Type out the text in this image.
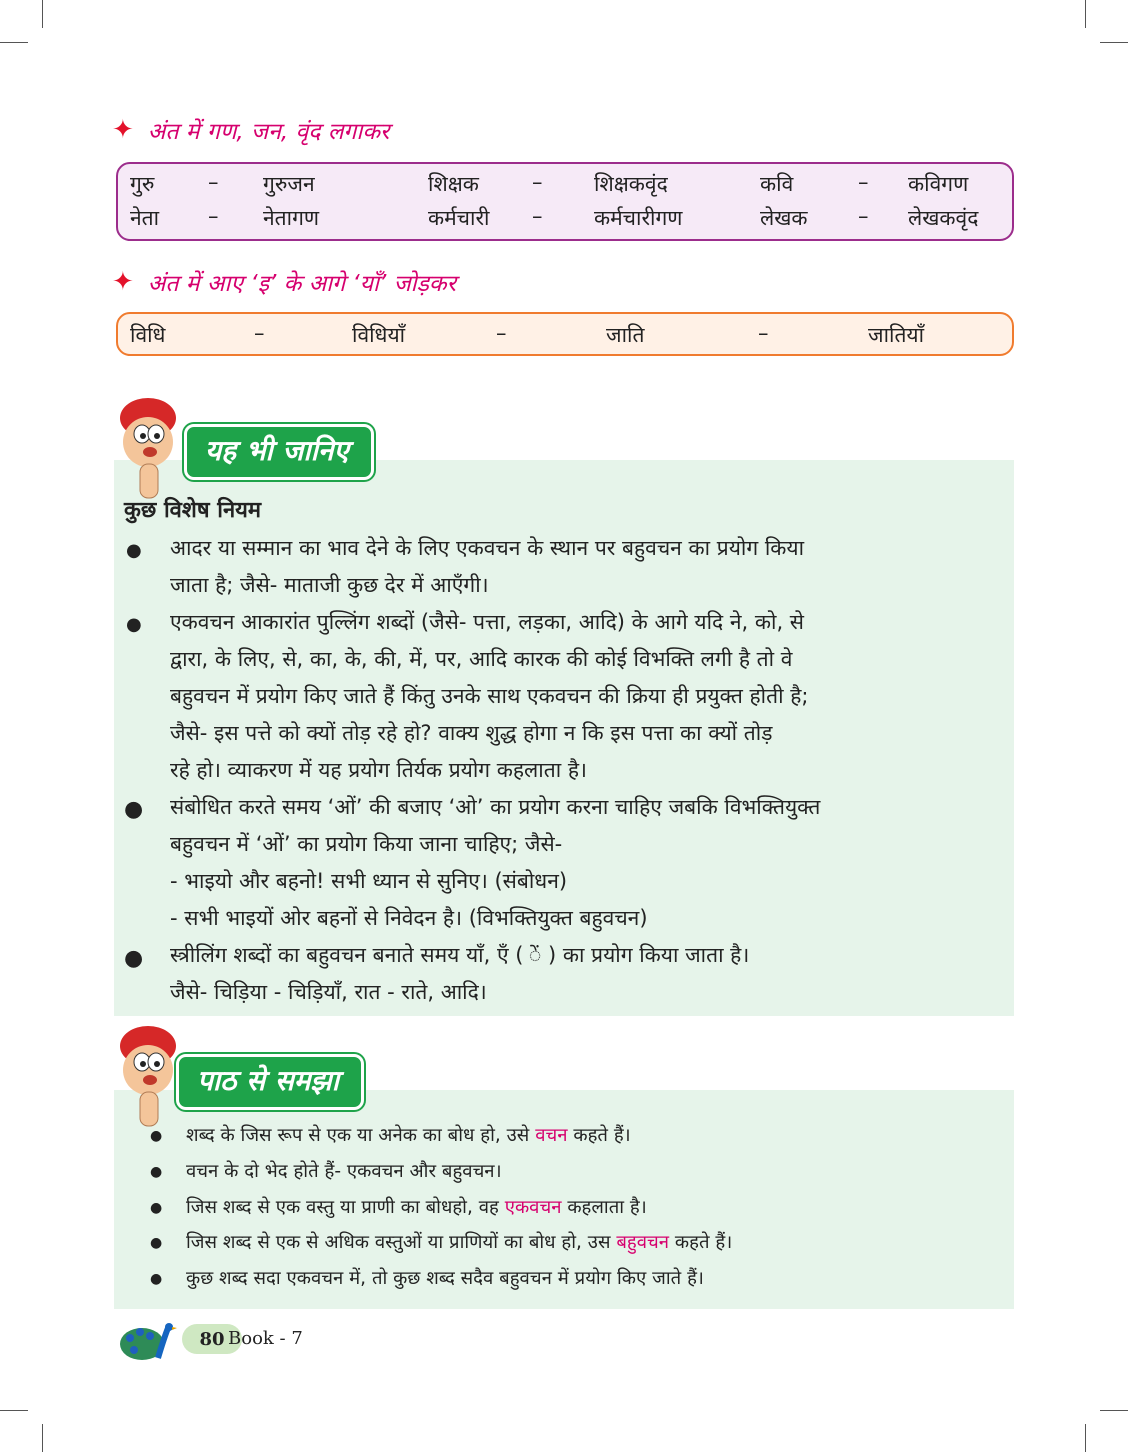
✦ अंत में गण, जन, वृंद लगाकर
गुरु	– गुरुजन	शिक्षक	– शिक्षकवृंद	कवि	– कविगण
नेता – नेतागण	कर्मचारी – कर्मचारीगण	लेखक – लेखकवृंद
✦ अंत में आए ‘इ’ के आगे ‘याँ’ जोड़कर
विधि	–	विधियाँ	–	जाति	–	जातियाँ
यह भी जानिए
कुछ विशेष नियम
● आदर या सम्मान का भाव देने के लिए एकवचन के स्थान पर बहुवचन का प्रयोग किया
जाता है; जैसे- माताजी कुछ देर में आएँगी।
● एकवचन आकारांत पुल्लिंग शब्दों (जैसे- पत्ता, लड़का, आदि) के आगे यदि ने, को, से
द्वारा, के लिए, से, का, के, की, में, पर, आदि कारक की कोई विभक्ति लगी है तो वे
बहुवचन में प्रयोग किए जाते हैं किंतु उनके साथ एकवचन की क्रिया ही प्रयुक्त होती है;
जैसे- इस पत्ते को क्यों तोड़ रहे हो? वाक्य शुद्ध होगा न कि इस पत्ता का क्यों तोड़
रहे हो। व्याकरण में यह प्रयोग तिर्यक प्रयोग कहलाता है।
● संबोधित करते समय ‘ओं’ की बजाए ‘ओ’ का प्रयोग करना चाहिए जबकि विभक्तियुक्त
बहुवचन में ‘ओं’ का प्रयोग किया जाना चाहिए; जैसे-
- भाइयो और बहनो! सभी ध्यान से सुनिए। (संबोधन)
- सभी भाइयों ओर बहनों से निवेदन है। (विभक्तियुक्त बहुवचन)
● स्त्रीलिंग शब्दों का बहुवचन बनाते समय याँ, एँ ( ें ) का प्रयोग किया जाता है।
जैसे- चिड़िया - चिड़ियाँ, रात - राते, आदि।
पाठ से समझा
● शब्द के जिस रूप से एक या अनेक का बोध हो, उसे वचन कहते हैं।
● वचन के दो भेद होते हैं- एकवचन और बहुवचन।
● जिस शब्द से एक वस्तु या प्राणी का बोधहो, वह एकवचन कहलाता है।
● जिस शब्द से एक से अधिक वस्तुओं या प्राणियों का बोध हो, उस बहुवचन कहते हैं।
● कुछ शब्द सदा एकवचन में, तो कुछ शब्द सदैव बहुवचन में प्रयोग किए जाते हैं।
80 Book - 7
